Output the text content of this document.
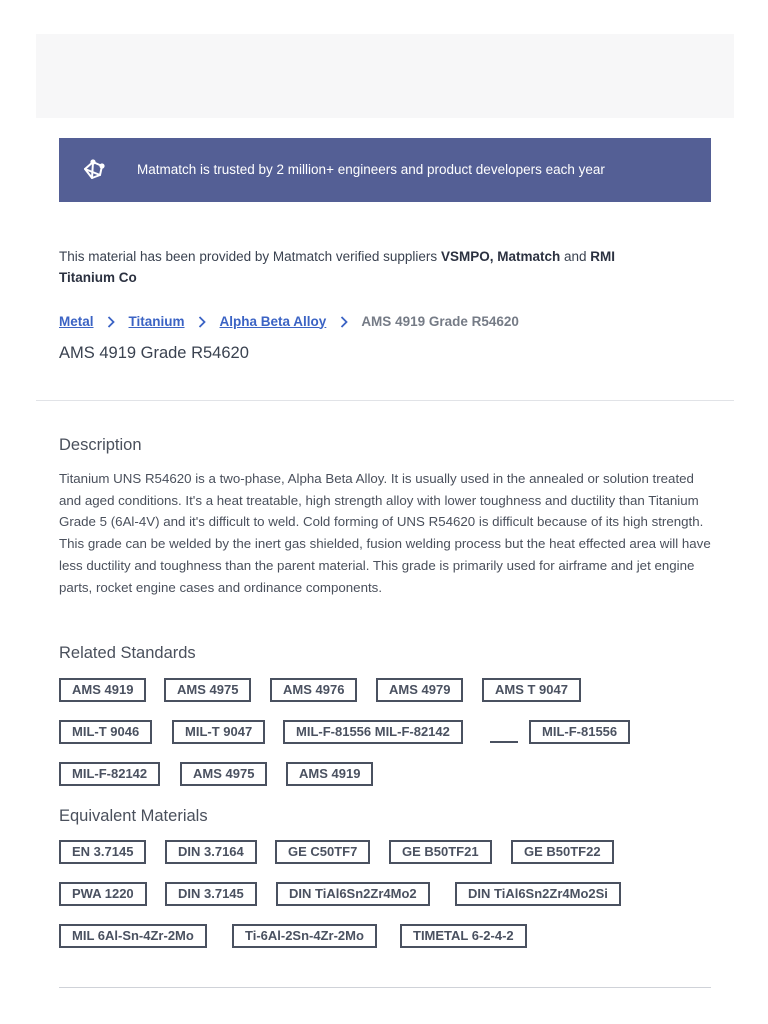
Matmatch is trusted by 2 million+ engineers and product developers each year

This material has been provided by Matmatch verified suppliers VSMPO, Matmatch and RMI Titanium Co

Metal	Titanium	Alpha Beta Alloy	AMS 4919 Grade R54620
AMS 4919 Grade R54620
Description

Titanium UNS R54620 is a two-phase, Alpha Beta Alloy. It is usually used in the annealed or solution treated and aged conditions. It's a heat treatable, high strength alloy with lower toughness and ductility than Titanium Grade 5 (6Al-4V) and it's difficult to weld. Cold forming of UNS R54620 is difficult because of its high strength. This grade can be welded by the inert gas shielded, fusion welding process but the heat effected area will have less ductility and toughness than the parent material. This grade is primarily used for airframe and jet engine parts, rocket engine cases and ordinance components.

Related Standards
AMS 4919	AMS 4975	AMS 4976	AMS 4979	AMS T 9047
MIL-T 9046	MIL-T 9047	MIL-F-81556 MIL-F-82142	MIL-F-81556
MIL-F-82142	AMS 4975	AMS 4919
Equivalent Materials
EN 3.7145	DIN 3.7164	GE C50TF7	GE B50TF21	GE B50TF22
PWA 1220	DIN 3.7145	DIN TiAl6Sn2Zr4Mo2	DIN TiAl6Sn2Zr4Mo2Si
MIL 6Al-Sn-4Zr-2Mo	Ti-6Al-2Sn-4Zr-2Mo	TIMETAL 6-2-4-2
